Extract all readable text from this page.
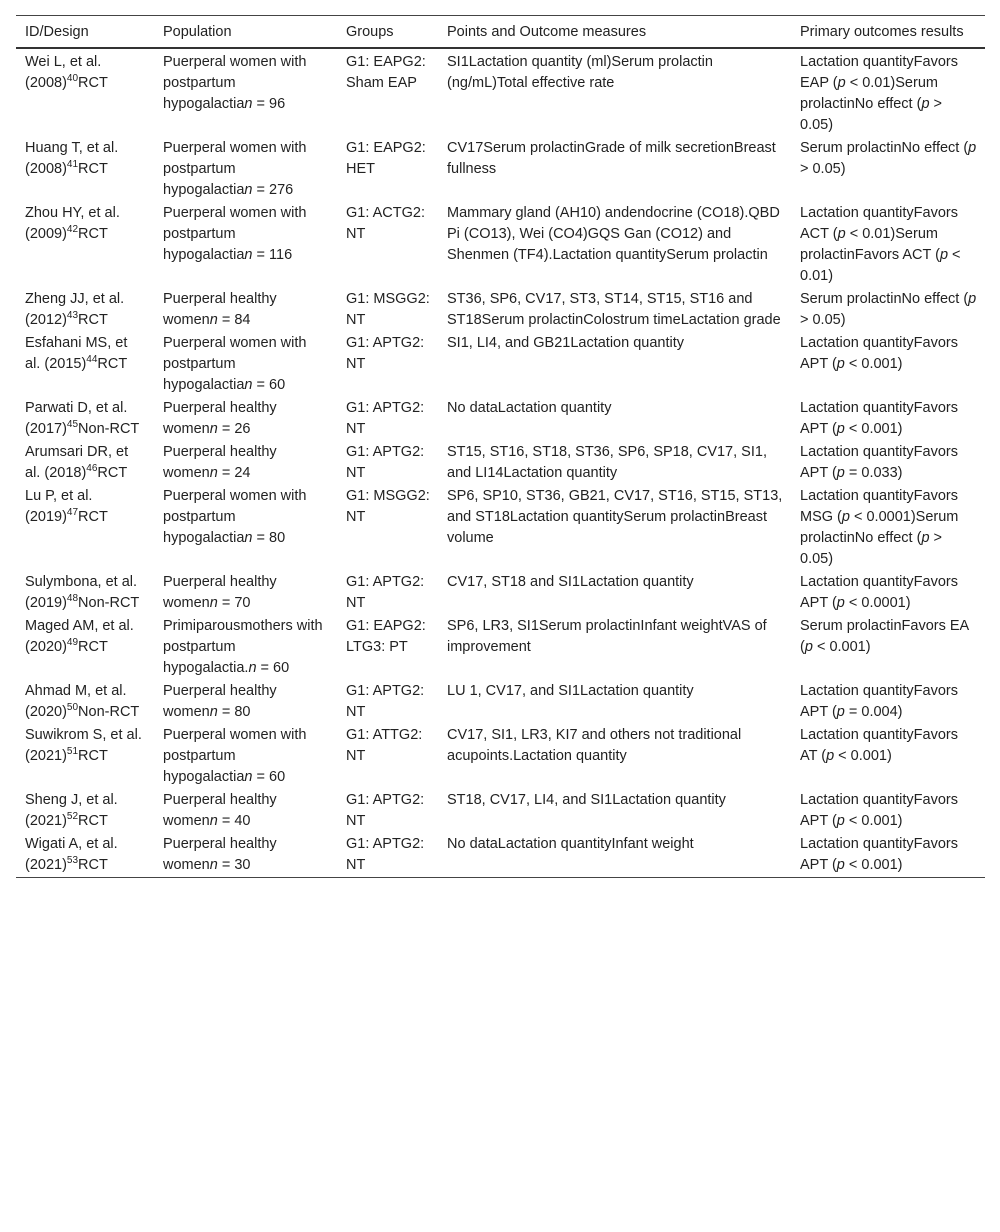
ID/Design	Population	Groups	Points and Outcome measures	Primary outcomes results
Wei L, et al. $(2008)^{40}RCT$	Puerperal women with postpartum hypogalactian = 96	G1: EAPG2: Sham EAP	SI1Lactation quantity (ml)Serum prolactin (ng/mL)Total effective rate	Lactation quantityFavors EAP (p < 0.01)Serum prolactinNo effect (p > 0.05)
Huang T, et al. $(2008)^{41}RCT$	Puerperal women with postpartum hypogalactian = 276	G1: EAPG2: HET	CV17Serum prolactinGrade of milk secretionBreast fullness	Serum prolactinNo effect (p > 0.05)
Zhou HY, et al. $(2009)^{42}RCT$	Puerperal women with postpartum hypogalactian = 116	G1: ACTG2: NT	Mammary gland (AH10) andendocrine (CO18).QBD Pi (CO13), Wei (CO4)GQS Gan (CO12) and Shenmen (TF4).Lactation quantitySerum prolactin	Lactation quantityFavors ACT (p < 0.01)Serum prolactinFavors ACT (p < 0.01)
Zheng JJ, et al. $(2012)^{43}RCT$	Puerperal healthy womenn = 84	G1: MSGG2: NT	ST36, SP6, CV17, ST3, ST14, ST15, ST16 and ST18Serum prolactinColostrum timeLactation grade	Serum prolactinNo effect (p > 0.05)
Esfahani MS, et al. $(2015)^{44}RCT$	Puerperal women with postpartum hypogalactian = 60	G1: APTG2: NT	SI1, LI4, and GB21Lactation quantity	Lactation quantityFavors APT (p < 0.001)
Parwati D, et al. $(2017)^{45}Non$-RCT	Puerperal healthy womenn = 26	G1: APTG2: NT	No dataLactation quantity	Lactation quantityFavors APT (p < 0.001)
Arumsari DR, et al. $(2018)^{46}RCT$	Puerperal healthy womenn = 24	G1: APTG2: NT	ST15, ST16, ST18, ST36, SP6, SP18, CV17, SI1, and LI14Lactation quantity	Lactation quantityFavors APT (p = 0.033)
Lu P, et al. $(2019)^{47}RCT$	Puerperal women with postpartum hypogalactian = 80	G1: MSGG2: NT	SP6, SP10, ST36, GB21, CV17, ST16, ST15, ST13, and ST18Lactation quantitySerum prolactinBreast volume	Lactation quantityFavors MSG (p < 0.0001)Serum prolactinNo effect (p > 0.05)
Sulymbona, et al. $(2019)^{48}Non$-RCT	Puerperal healthy womenn = 70	G1: APTG2: NT	CV17, ST18 and SI1Lactation quantity	Lactation quantityFavors APT (p < 0.0001)
Maged AM, et al. $(2020)^{49}RCT$	Primiparousmothers with postpartum hypogalactia.n = 60	G1: EAPG2: LTG3: PT	SP6, LR3, SI1Serum prolactinInfant weightVAS of improvement	Serum prolactinFavors EA (p < 0.001)
Ahmad M, et al. $(2020)^{50}Non$-RCT	Puerperal healthy womenn = 80	G1: APTG2: NT	LU 1, CV17, and SI1Lactation quantity	Lactation quantityFavors APT (p = 0.004)
Suwikrom S, et al. $(2021)^{51}RCT$	Puerperal women with postpartum hypogalactian = 60	G1: ATTG2: NT	CV17, SI1, LR3, KI7 and others not traditional acupoints.Lactation quantity	Lactation quantityFavors AT (p < 0.001)
Sheng J, et al. $(2021)^{52}RCT$	Puerperal healthy womenn = 40	G1: APTG2: NT	ST18, CV17, LI4, and SI1Lactation quantity	Lactation quantityFavors APT (p < 0.001)
Wigati A, et al. $(2021)^{53}RCT$	Puerperal healthy womenn = 30	G1: APTG2: NT	No dataLactation quantityInfant weight	Lactation quantityFavors APT (p < 0.001)
